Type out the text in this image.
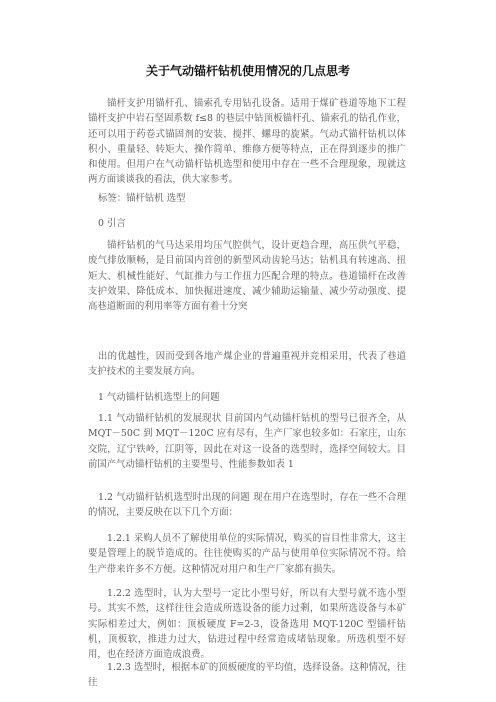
关于气动锚杆钻机使用情况的几点思考

锚杆支护用锚杆孔、锚索孔专用钻孔设备。适用于煤矿巷道等地下工程锚杆支护中岩石坚固系数 f≤8 的巷层中钻顶板锚杆孔、锚索孔的钻孔作业，还可以用于药卷式锚固剂的安装、搅拌、螺母的旋紧。气动式锚杆钻机以体积小、重量轻、转矩大、操作简单、维修方便等特点，正在得到逐步的推广和使用。但用户在气动锚杆钻机选型和使用中存在一些不合理现象，现就这两方面谈谈我的看法，供大家参考。

标签：锚杆钻机 选型

0 引言

锚杆钻机的气马达采用均压气腔供气，设计更趋合理，高压供气平稳，废气排放顺畅，是目前国内首创的新型风动齿轮马达；钻机具有转速高、扭矩大、机械性能好、气缸推力与工作扭力匹配合理的特点。巷道锚杆在改善支护效果、降低成本、加快掘进速度、减少辅助运输量、减少劳动强度、提高巷道断面的利用率等方面有着十分突

出的优越性，因而受到各地产煤企业的普遍重视并竞相采用，代表了巷道支护技术的主要发展方向。

1 气动锚杆钻机选型上的问题

1.1 气动锚杆钻机的发展现状 目前国内气动锚杆钻机的型号已很齐全，从 MQT－50C 到 MQT－120C 应有尽有，生产厂家也较多如：石家庄，山东交院，辽宁铁岭，江阴等，因此在对这一设备的选型时，选择空间较大。目前国产气动锚杆钻机的主要型号、性能参数如表 1

1.2 气动锚杆钻机选型时出现的问题 现在用户在选型时，存在一些不合理的情况，主要反映在以下几个方面：

1.2.1 采购人员不了解使用单位的实际情况，购买的盲目性非常大，这主要是管理上的脱节造成的。往往使购买的产品与使用单位实际情况不符。给生产带来许多不方便。这种情况对用户和生产厂家都有损失。

1.2.2 选型时，认为大型号一定比小型号好，所以有大型号就不选小型号。其实不然，这样往往会造成所选设备的能力过剩，如果所选设备与本矿实际相差过大，例如：顶板硬度 F=2-3，设备选用 MQT-120C 型锚杆钻机，顶板软，推进力过大，钻进过程中经常造成堵钻现象。所选机型不好用，也在经济方面造成浪费。

1.2.3 选型时，根据本矿的顶板硬度的平均值，选择设备。这种情况，往往
